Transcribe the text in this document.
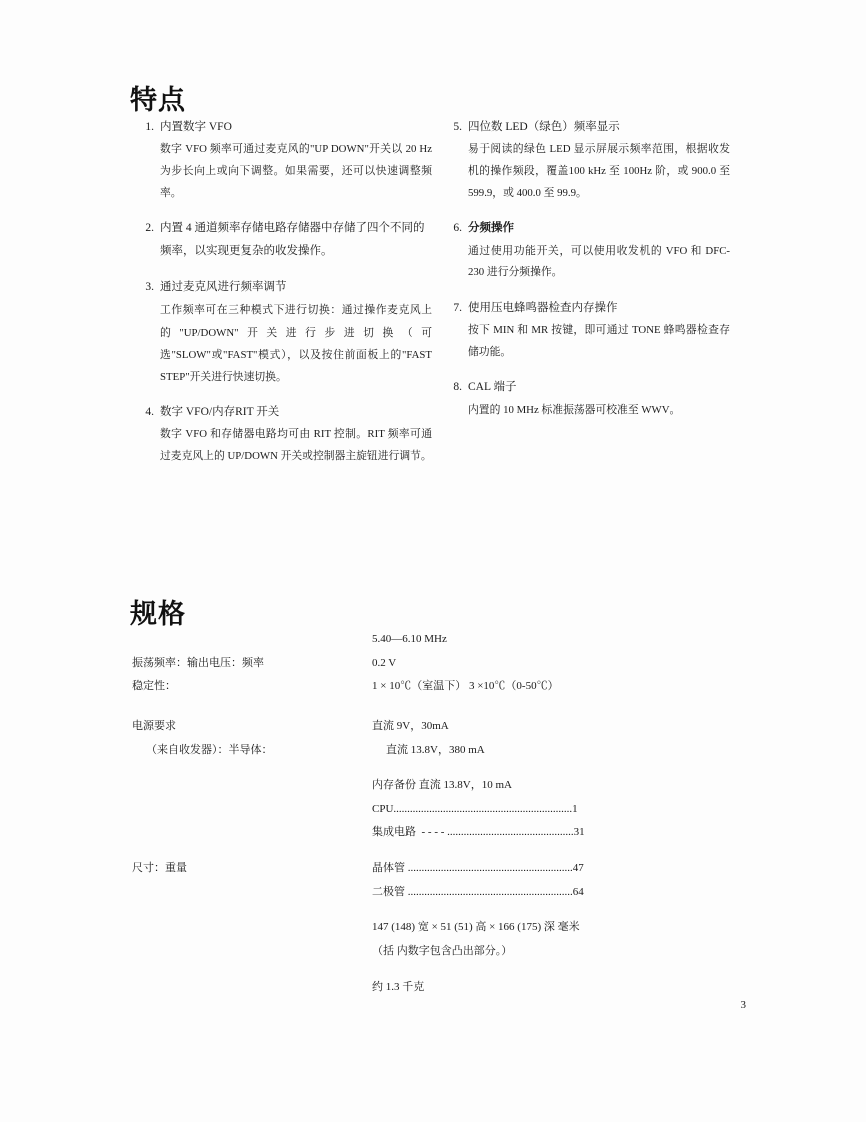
特点
1. 内置数字 VFO
数字 VFO 频率可通过麦克风的"UP DOWN"开关以 20 Hz 为步长向上或向下调整。如果需要，还可以快速调整频率。
2. 内置 4 通道频率存储电路存储器中存储了四个不同的频率，以实现更复杂的收发操作。
3. 通过麦克风进行频率调节
工作频率可在三种模式下进行切换：通过操作麦克风上的"UP/DOWN"开关进行步进切换（可选"SLOW"或"FAST"模式），以及按住前面板上的"FAST STEP"开关进行快速切换。
4. 数字 VFO/内存RIT 开关
数字 VFO 和存储器电路均可由 RIT 控制。RIT 频率可通过麦克风上的 UP/DOWN 开关或控制器主旋钮进行调节。
5. 四位数 LED（绿色）频率显示
易于阅读的绿色 LED 显示屏展示频率范围，根据收发机的操作频段，覆盖100 kHz 至 100Hz 阶，或 900.0 至 599.9，或 400.0 至 99.9。
6. 分频操作
通过使用功能开关，可以使用收发机的 VFO 和 DFC-230 进行分频操作。
7. 使用压电蜂鸣器检查内存操作
按下 MIN 和 MR 按键，即可通过 TONE 蜂鸣器检查存储功能。
8. CAL 端子
内置的 10 MHz 标准振荡器可校准至 WWV。
规格
5.40—6.10 MHz
振荡频率：输出电压：频率	0.2 V
稳定性：	1 × 10℃（室温下） 3 ×10℃（0-50℃）
电源要求	直流 9V，30mA
（来自收发器）：半导体：	直流 13.8V，380 mA
内存备份 直流 13.8V，10 mA
CPU.................................................................1
集成电路  - - - - ..............................................31
尺寸：重量	晶体管 ............................................................47
二极管 ............................................................64
147 (148) 宽 × 51 (51) 高 × 166 (175) 深 毫米
（括 内数字包含凸出部分。）
约 1.3 千克
3
